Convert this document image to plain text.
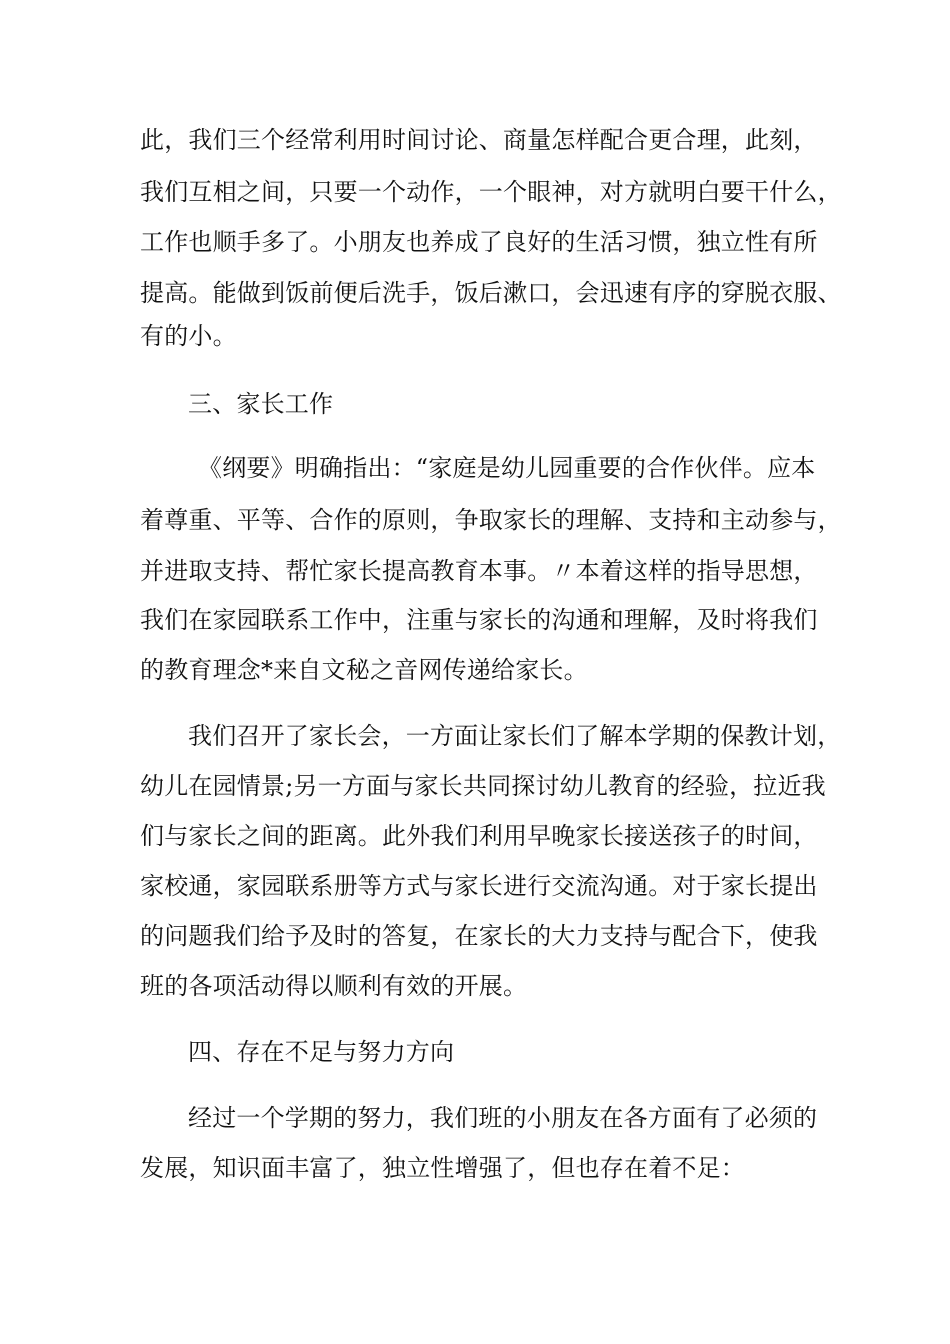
此，我们三个经常利用时间讨论、商量怎样配合更合理，此刻，
我们互相之间，只要一个动作，一个眼神，对方就明白要干什么，
工作也顺手多了。小朋友也养成了良好的生活习惯，独立性有所
提高。能做到饭前便后洗手，饭后漱口，会迅速有序的穿脱衣服、
有的小。
三、家长工作
《纲要》明确指出：“家庭是幼儿园重要的合作伙伴。应本
着尊重、平等、合作的原则，争取家长的理解、支持和主动参与，
并进取支持、帮忙家长提高教育本事。〃本着这样的指导思想，
我们在家园联系工作中，注重与家长的沟通和理解，及时将我们
的教育理念*来自文秘之音网传递给家长。
我们召开了家长会，一方面让家长们了解本学期的保教计划，
幼儿在园情景;另一方面与家长共同探讨幼儿教育的经验，拉近我
们与家长之间的距离。此外我们利用早晚家长接送孩子的时间，
家校通，家园联系册等方式与家长进行交流沟通。对于家长提出
的问题我们给予及时的答复，在家长的大力支持与配合下，使我
班的各项活动得以顺利有效的开展。
四、存在不足与努力方向
经过一个学期的努力，我们班的小朋友在各方面有了必须的
发展，知识面丰富了，独立性增强了，但也存在着不足：
